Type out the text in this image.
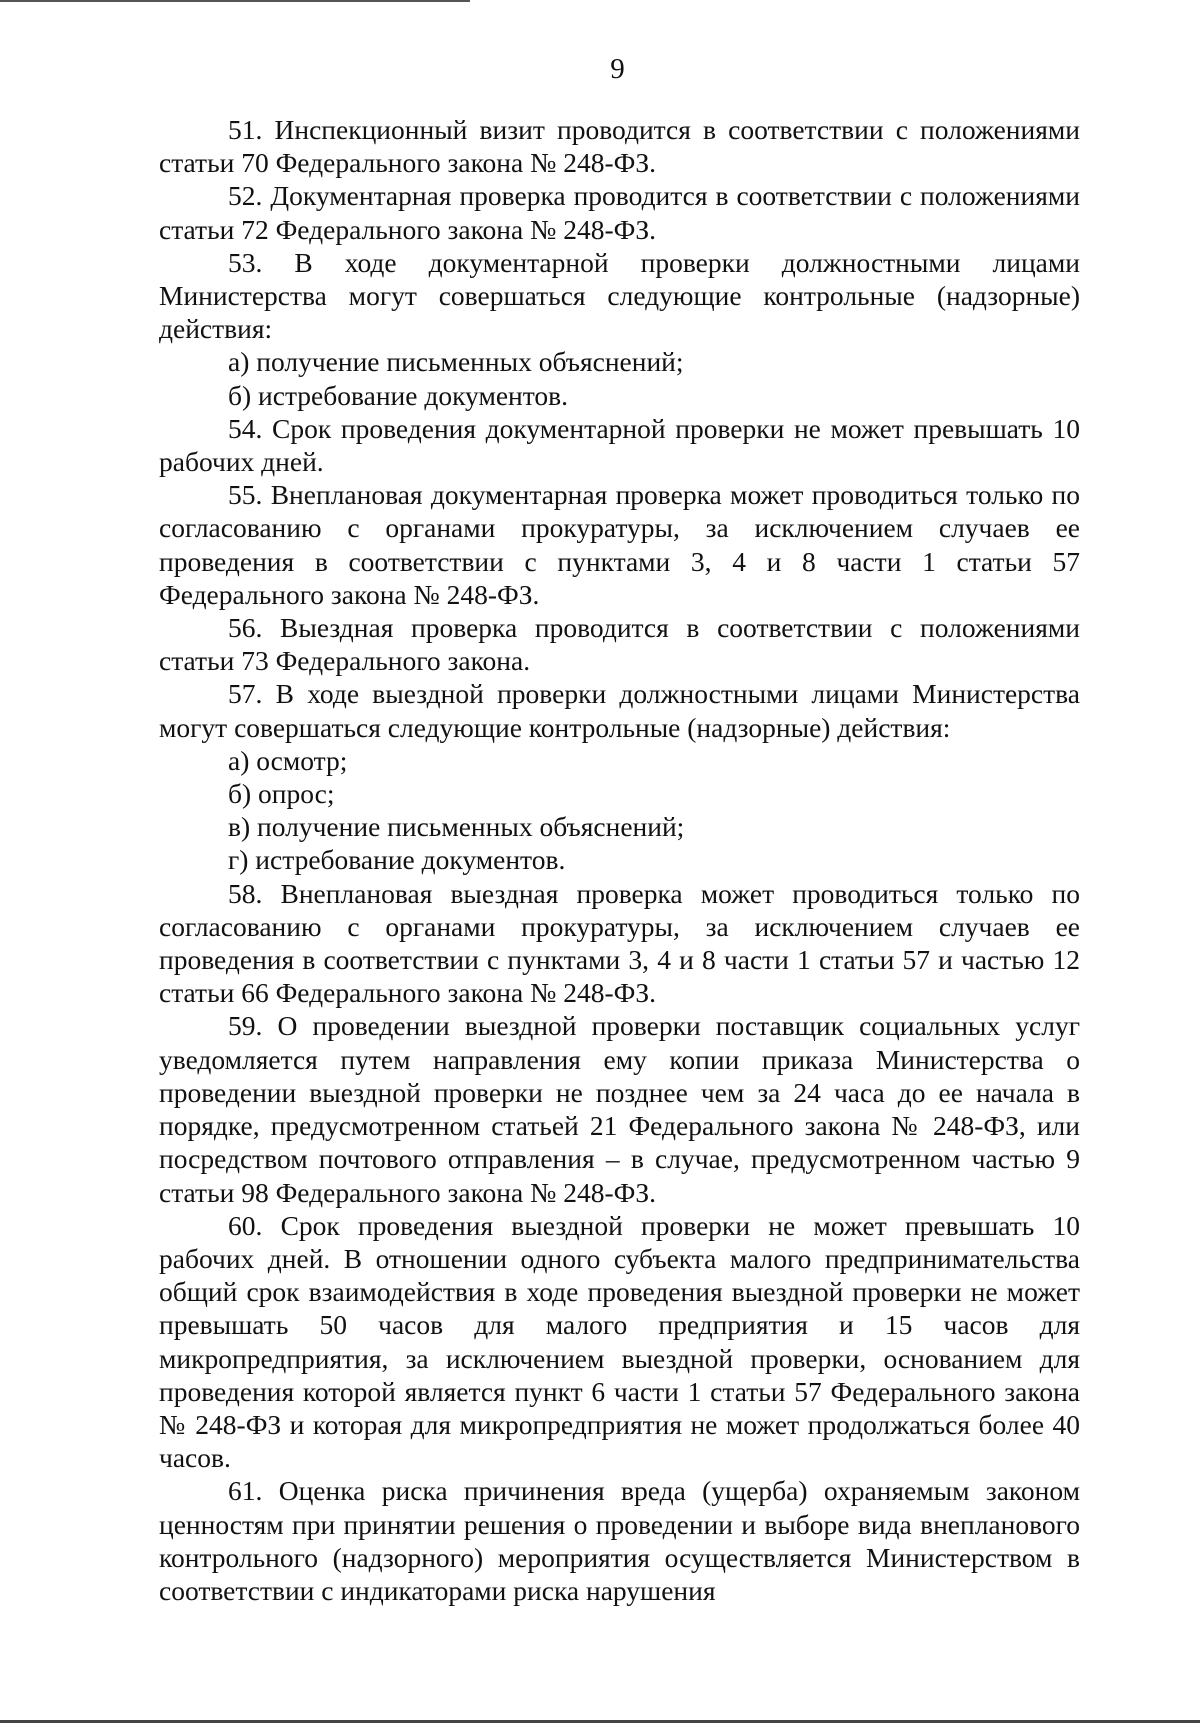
9

51. Инспекционный визит проводится в соответствии с положениями статьи 70 Федерального закона № 248-ФЗ.

52. Документарная проверка проводится в соответствии с положениями статьи 72 Федерального закона № 248-ФЗ.

53. В ходе документарной проверки должностными лицами Министерства могут совершаться следующие контрольные (надзорные) действия:

а) получение письменных объяснений;

б) истребование документов.

54. Срок проведения документарной проверки не может превышать 10 рабочих дней.

55. Внеплановая документарная проверка может проводиться только по согласованию с органами прокуратуры, за исключением случаев ее проведения в соответствии с пунктами 3, 4 и 8 части 1 статьи 57 Федерального закона № 248-ФЗ.

56. Выездная проверка проводится в соответствии с положениями статьи 73 Федерального закона.

57. В ходе выездной проверки должностными лицами Министерства могут совершаться следующие контрольные (надзорные) действия:

а) осмотр;

б) опрос;

в) получение письменных объяснений;

г) истребование документов.

58. Внеплановая выездная проверка может проводиться только по согласованию с органами прокуратуры, за исключением случаев ее проведения в соответствии с пунктами 3, 4 и 8 части 1 статьи 57 и частью 12 статьи 66 Федерального закона № 248-ФЗ.

59. О проведении выездной проверки поставщик социальных услуг уведомляется путем направления ему копии приказа Министерства о проведении выездной проверки не позднее чем за 24 часа до ее начала в порядке, предусмотренном статьей 21 Федерального закона № 248-ФЗ, или посредством почтового отправления – в случае, предусмотренном частью 9 статьи 98 Федерального закона № 248-ФЗ.

60. Срок проведения выездной проверки не может превышать 10 рабочих дней. В отношении одного субъекта малого предпринимательства общий срок взаимодействия в ходе проведения выездной проверки не может превышать 50 часов для малого предприятия и 15 часов для микропредприятия, за исключением выездной проверки, основанием для проведения которой является пункт 6 части 1 статьи 57 Федерального закона № 248-ФЗ и которая для микропредприятия не может продолжаться более 40 часов.

61. Оценка риска причинения вреда (ущерба) охраняемым законом ценностям при принятии решения о проведении и выборе вида внепланового контрольного (надзорного) мероприятия осуществляется Министерством в соответствии с индикаторами риска нарушения
